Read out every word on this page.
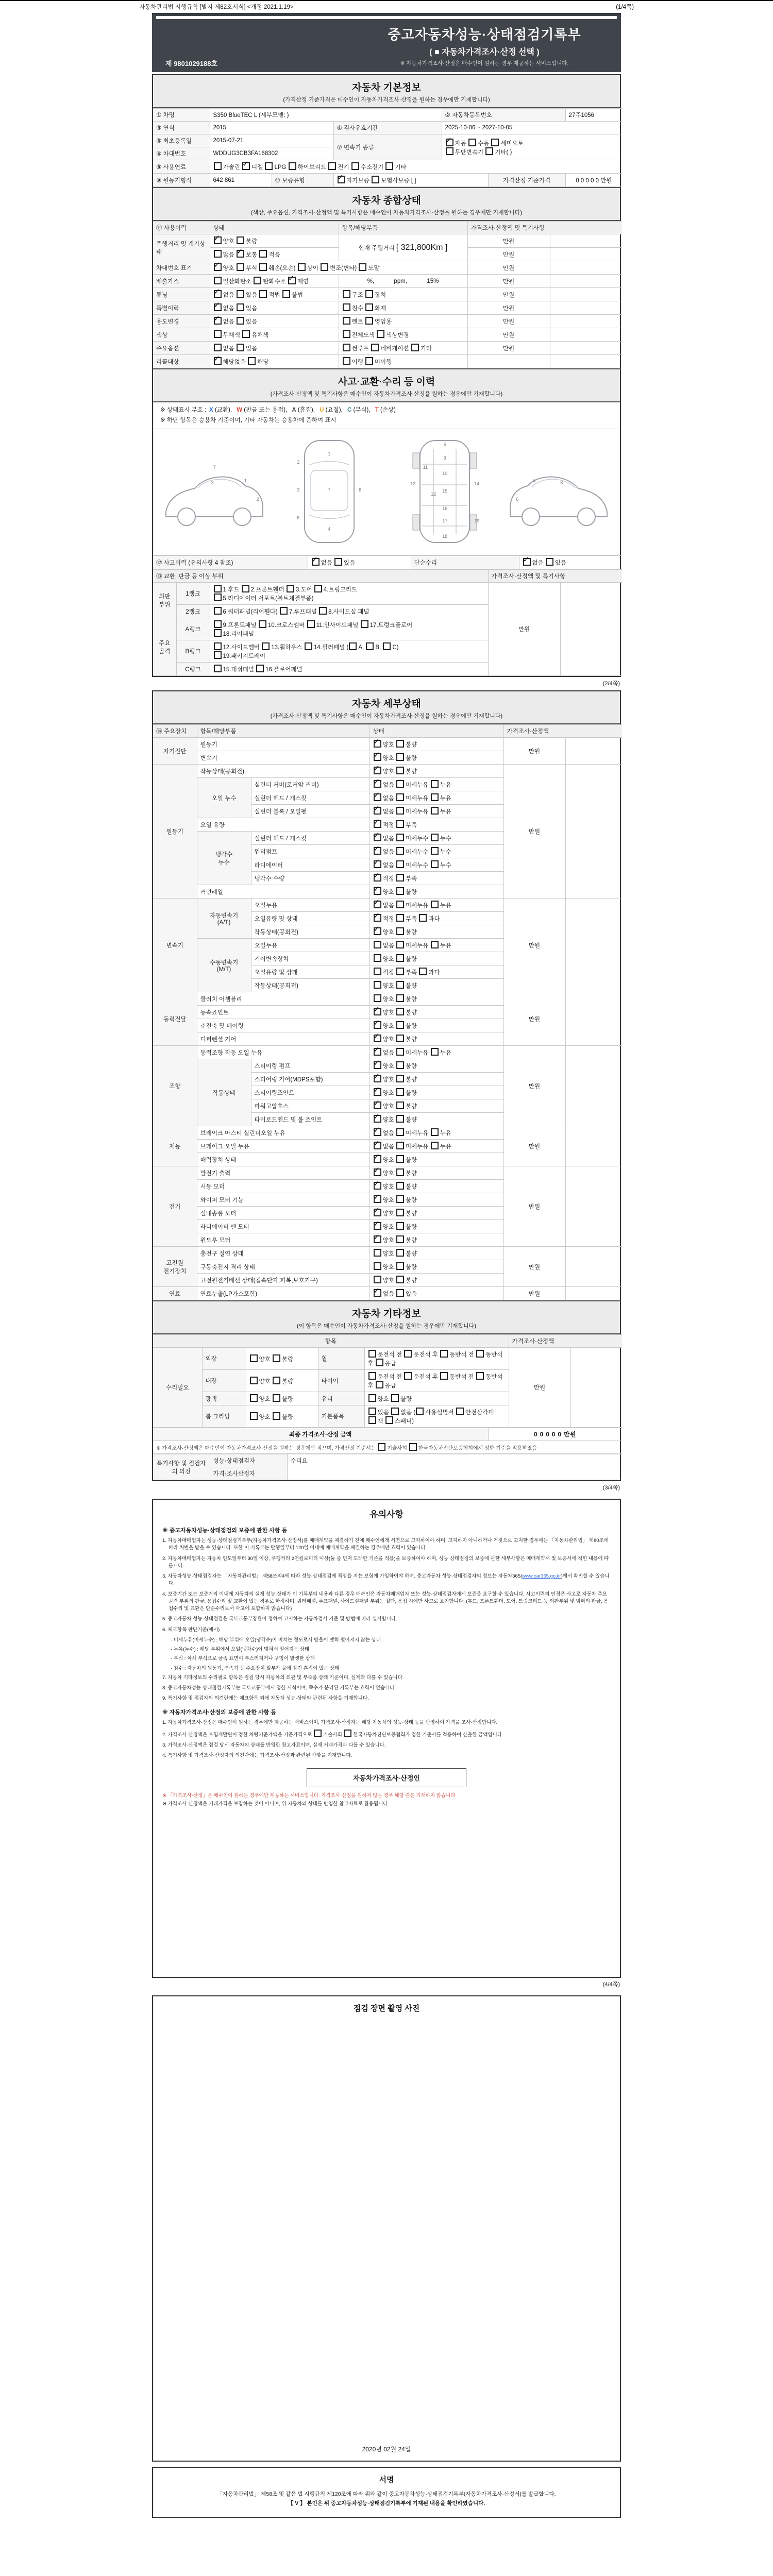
자동차관리법 시행규칙 [별지 제82호서식] <개정 2021.1.19>	(1/4쪽)
중고자동차성능·상태점검기록부
( ■ 자동차가격조사·산정 선택 )
※ 자동차가격조사·산정은 매수인이 원하는 경우 제공하는 서비스입니다.
제 9801029188호
자동차 기본정보
(가격산정 기준가격은 매수인이 자동차가격조사·산정을 원하는 경우에만 기재합니다)
① 차명	S350 BlueTEC L (세부모델: )			② 자동차등록번호		27주1056
③ 연식	2015		④ 검사유효기간	2025-10-06 ~ 2027-10-05		
⑤ 최초등록일	2015-07-21		⑦ 변속기 종류	✓자동 수동 세미오토
무단변속기 기타( )
⑥ 차대번호	WDDUG3CB3FA168302					
⑧ 사용연료	가솔린 ✓디젤 LPG 하이브리드 전기 수소전기 기타
⑨ 원동기형식	642 861	⑩ 보증유형	✓자가보증 보험사보증 [ ]		가격산정 기준가격	0 0 0 0 0 만원
자동차 종합상태
(색상, 주요옵션, 가격조사·산정액 및 특기사항은 매수인이 자동차가격조사·산정을 원하는 경우에만 기재합니다)
⑪ 사용이력	상태	항목/해당부품	가격조사·산정액 및 특기사항	
주행거리 및 계기상태	✓양호 불량	현재 주행거리 [ 321,800Km ]	만원	
	많음 ✓보통 적음		만원	
차대번호 표기	✓양호 부식 훼손(오손) 상이 변조(변타) 도말		만원	
배출가스	일산화탄소 탄화수소 ✓매연	%,            ppm,            15%	만원	
튜닝	✓없음 있음 적법 불법	구조 장치	만원	
특별이력	✓없음 있음	침수 화재	만원	
용도변경	✓없음 있음	렌트 영업용	만원	
색상	무채색 유채색	전체도색 색상변경	만원	
주요옵션	없음 있음	썬루프 네비게이션 기타	만원	
리콜대상	✓해당없음 해당	이행 미이행		
사고·교환·수리 등 이력
(가격조사·산정액 및 특기사항은 매수인이 자동차가격조사·산정을 원하는 경우에만 기재합니다)
※ 상태표시 부호 : X (교환), W (판금 또는 용접), A (흠집), U (요철), C (부식), T (손상)
※ 하단 항목은 승용차 기준이며, 기타 자동차는 승용차에 준하여 표시
1
2
3
7
1
2
3
4
6
7	8
5
9
10
11
12
13	14
15
16
17
18
19
4
6
8
⑫ 사고이력 (유의사항 4 참조)	✓없음 있음	단순수리	✓없음 있음
⑬ 교환, 판금 등 이상 부위			가격조사·산정액 및 특기사항	
외판
부위	1랭크	1.후드 2.프론트휀더 3.도어 4.트렁크리드
5.라디에이터 서포트(볼트체결부품)	만원	
	2랭크	6.쿼터패널(리어휀다) 7.루프패널 8.사이드실 패널		
주요
골격	A랭크	9.프론트패널 10.크로스멤버 11.인사이드패널 17.트렁크플로어
18.리어패널		
	B랭크	12.사이드멤버 13.휠하우스 14.필러패널 ( A, B, C)
19.패키지트레이		
	C랭크	15.대쉬패널 16.플로어패널		
(2/4쪽)
자동차 세부상태
(가격조사·산정액 및 특기사항은 매수인이 자동차가격조사·산정을 원하는 경우에만 기재합니다)
⑭ 주요장치	항목/해당부품		상태	가격조사·산정액	
자기진단	원동기	✓양호 불량	만원	
	변속기	✓양호 불량
원동기	작동상태(공회전)	✓양호 불량	만원	
	오일 누수	실린더 커버(로커암 커버)	✓없음 미세누유 누유
		실린더 헤드 / 개스킷	✓없음 미세누유 누유
		실린더 블록 / 오일팬	✓없음 미세누유 누유
	오일 유량	✓적정 부족
	냉각수
누수	실린더 헤드 / 개스킷	✓없음 미세누수 누수
		워터펌프	✓없음 미세누수 누수
		라디에이터	✓없음 미세누수 누수
		냉각수 수량	✓적정 부족
	커먼레일	✓양호 불량
변속기	자동변속기
(A/T)	오일누유	✓없음 미세누유 누유	만원	
		오일유량 및 상태	✓적정 부족 과다
		작동상태(공회전)	✓양호 불량
	수동변속기
(M/T)	오일누유	없음 미세누유 누유		
		기어변속장치	양호 불량		
		오일유량 및 상태	적정 부족 과다		
		작동상태(공회전)	양호 불량		
동력전달	클러치 어셈블리		양호 불량	만원	
	등속죠인트	✓양호 불량
	추진축 및 베어링	✓양호 불량
	디퍼렌셜 기어	✓양호 불량
조향	동력조향 작동 오일 누유	✓없음 미세누유 누유	만원	
	작동상태	스티어링 펌프	✓양호 불량
		스티어링 기어(MDPS포함)	✓양호 불량
		스티어링조인트	✓양호 불량
		파워고압호스	✓양호 불량
		타이로드엔드 및 볼 조인트	✓양호 불량
제동	브레이크 마스터 실린더오일 누유	✓없음 미세누유 누유	만원	
	브레이크 오일 누유	✓없음 미세누유 누유
	배력장치 상태	✓양호 불량
전기	발전기 출력	✓양호 불량	만원	
	시동 모터	✓양호 불량
	와이퍼 모터 기능	✓양호 불량
	실내송풍 모터	✓양호 불량
	라디에이터 팬 모터	✓양호 불량
	윈도우 모터	✓양호 불량
고전원
전기장치	충전구 절연 상태		양호 불량	만원	
	구동축전지 격리 상태		양호 불량		
	고전원전기배선 상태(접속단자,피복,보호기구)		양호 불량		
연료	연료누출(LP가스포함)	✓없음 있음	만원	
자동차 기타정보
(이 항목은 매수인이 자동차가격조사·산정을 원하는 경우에만 기재합니다)
항목					가격조사·산정액	
수리필요	외장	양호 불량	휠	운전석 전 운전석 후 동반석 전 동반석 후 응급	만원	
	내장	양호 불량	타이어	운전석 전 운전석 후 동반석 전 동반석 후 응급		
	광택	양호 불량	유리	양호 불량		
	룸 크리닝	양호 불량	기본품목	있음 없음 ( 사용설명서 안전삼각대 잭 스패너)		
최종 가격조사·산정 금액	0 0 0 0 0 만원
※ 가격조사·산정액은 매수인이 자동차가격조사·산정을 원하는 경우에만 적으며, 가격산정 기준서는 기술사회 한국자동차진단보증협회에서 정한 기준을 적용하였음
특기사항 및 점검자의 의견	성능·상태점검자	수리요
	가격·조사산정자	
(3/4쪽)
유의사항
※ 중고자동차성능·상태점검의 보증에 관한 사항 등
1. 자동차매매업자는 성능·상태점검기록부(자동차가격조사·산정서)를 매매계약을 체결하기 전에 매수인에게 서면으로 고지하여야 하며, 고지하지 아니하거나 거짓으로 고지한 경우에는 「자동차관리법」 제80조에 따라 처벌을 받을 수 있습니다. 또한 이 기록부는 발행일부터 120일 이내에 매매계약을 체결하는 경우에만 효력이 있습니다.
2. 자동차매매업자는 자동차 인도일부터 30일 이상, 주행거리 2천킬로미터 이상(둘 중 먼저 도래한 기준을 적용)을 보증하여야 하며, 성능·상태점검의 보증에 관한 세부사항은 매매계약서 및 보증서에 적힌 내용에 따릅니다.
3. 자동차성능·상태점검자는 「자동차관리법」 제58조의4에 따라 성능·상태점검에 책임을 지는 보험에 가입하여야 하며, 중고자동차 성능·상태점검자의 정보는 자동차365(www.car365.go.kr)에서 확인할 수 있습니다.
4. 보증기간 또는 보증거리 이내에 자동차의 실제 성능·상태가 이 기록부의 내용과 다른 경우 매수인은 자동차매매업자 또는 성능·상태점검자에게 보증을 요구할 수 있습니다. 사고이력의 인정은 사고로 자동차 주요골격 부위의 판금, 용접수리 및 교환이 있는 경우로 한정하며, 쿼터패널, 루프패널, 사이드실패널 부위는 절단, 용접 시에만 사고로 표기합니다. (후드, 프론트휀더, 도어, 트렁크리드 등 외판부위 및 범퍼의 판금, 용접수리 및 교환은 단순수리로서 사고에 포함하지 않습니다)
5. 중고자동차 성능·상태점검은 국토교통부장관이 정하여 고시하는 자동차검사 기준 및 방법에 따라 실시합니다.
6. 체크항목 판단기준(예시)
· 미세누유(미세누수) : 해당 부위에 오일(냉각수)이 비치는 정도로서 방울이 맺혀 떨어지지 않는 상태
· 누유(누수) : 해당 부위에서 오일(냉각수)이 맺혀서 떨어지는 상태
· 부식 : 차체 부식으로 금속 표면이 부스러지거나 구멍이 발생한 상태
· 침수 : 자동차의 원동기, 변속기 등 주요장치 일부가 물에 잠긴 흔적이 있는 상태
7. 자동차 기타정보의 수리필요 항목은 점검 당시 자동차의 외관 및 부속품 상태 기준이며, 실제와 다를 수 있습니다.
8. 중고자동차성능·상태점검기록부는 국토교통부에서 정한 서식이며, 쪽수가 분리된 기록부는 효력이 없습니다.
9. 특기사항 및 점검자의 의견란에는 체크항목 외에 자동차 성능·상태와 관련된 사항을 기재합니다.
※ 자동차가격조사·산정의 보증에 관한 사항 등
1. 자동차가격조사·산정은 매수인이 원하는 경우에만 제공하는 서비스이며, 가격조사·산정자는 해당 자동차의 성능·상태 등을 반영하여 가격을 조사·산정합니다.
2. 가격조사·산정액은 보험개발원이 정한 차량기준가액을 기준가격으로 기술사회 한국자동차진단보증협회가 정한 기준서를 적용하여 산출한 금액입니다.
3. 가격조사·산정액은 점검 당시 자동차의 상태를 반영한 참고자료이며, 실제 거래가격과 다를 수 있습니다.
4. 특기사항 및 가격조사·산정자의 의견란에는 가격조사·산정과 관련된 사항을 기재합니다.
자동차가격조사·산정인
※ 「가격조사·산정」은 매수인이 원하는 경우에만 제공하는 서비스입니다. 가격조사·산정을 원하지 않는 경우 해당 란은 기재하지 않습니다.
※ 가격조사·산정액은 거래가격을 보장하는 것이 아니며, 위 자동차의 상태를 반영한 참고자료로 활용됩니다.
(4/4쪽)
점검 장면 촬영 사진
2020년 02월 24일
서명
「자동차관리법」 제58조 및 같은 법 시행규칙 제120조에 따라 위와 같이 중고자동차성능·상태점검기록부(자동차가격조사·산정서)를 발급합니다.
【 V 】 본인은 위 중고자동차성능·상태점검기록부에 기재된 내용을 확인하였습니다.
